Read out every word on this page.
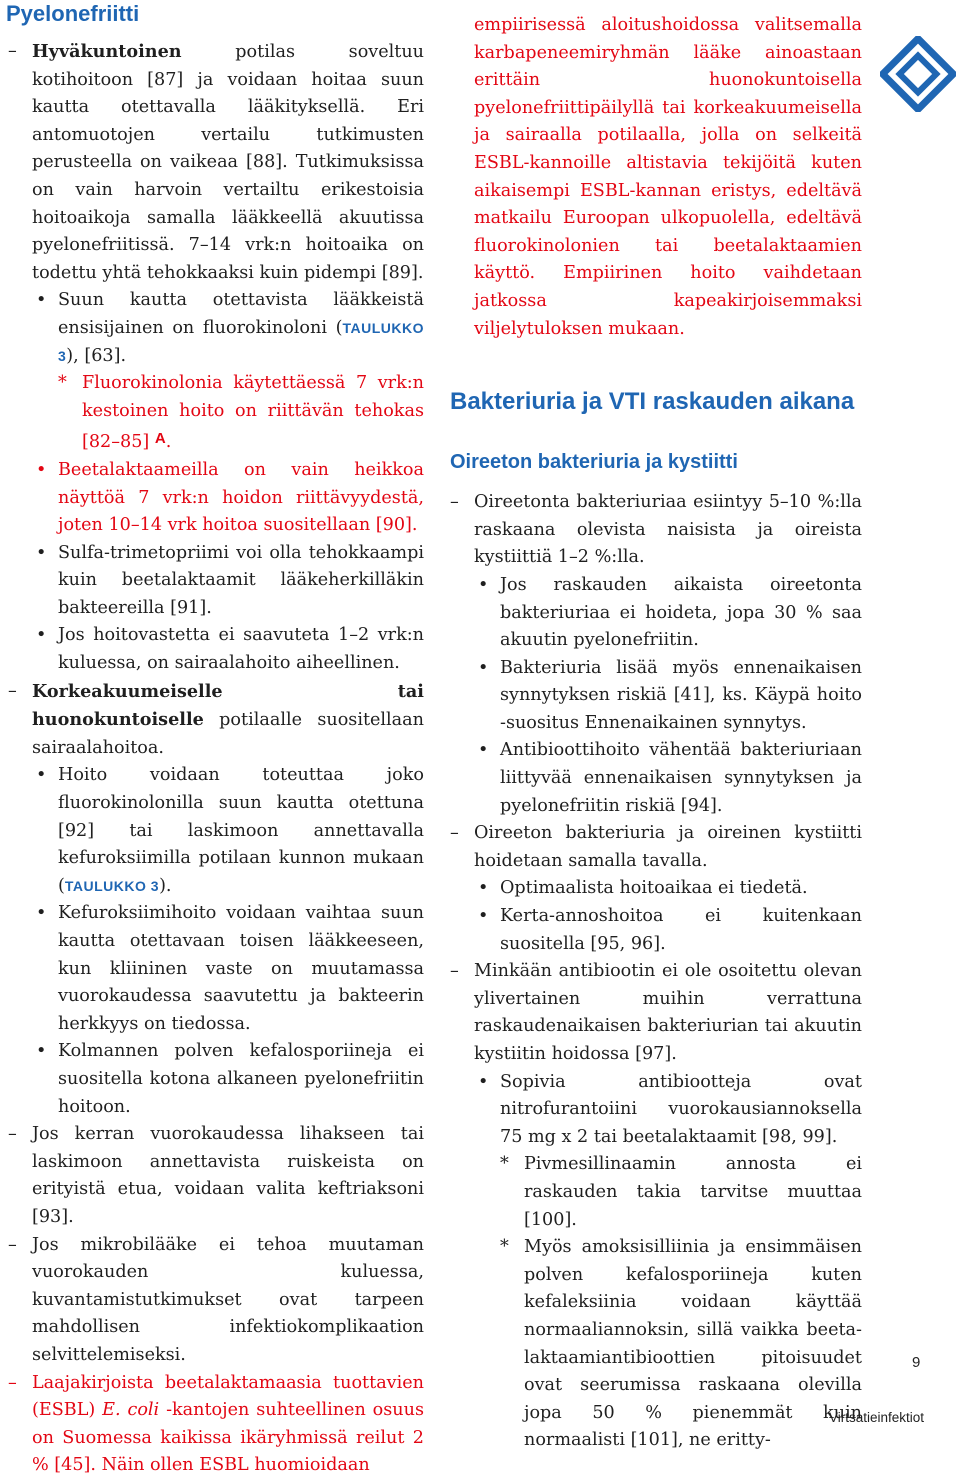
Pyelonefriitti

– Hyväkuntoinen potilas soveltuu kotihoitoon [87] ja voidaan hoitaa suun kautta otettavalla lääkityksellä. Eri antomuotojen vertailu tutkimusten perusteella on vaikeaa [88]. Tutkimuksissa on vain harvoin vertailtu erikestoisia hoitoaikoja samalla lääkkeellä akuutissa pyelonefriitissä. 7–14 vrk:n hoitoaika on todettu yhtä tehokkaaksi kuin pidempi [89].

• Suun kautta otettavista lääkkeistä ensisijainen on fluorokinoloni (TAULUKKO 3), [63].

* Fluorokinolonia käytettäessä 7 vrk:n kestoinen hoito on riittävän tehokas [82–85] A.

• Beetalaktaameilla on vain heikkoa näyttöä 7 vrk:n hoidon riittävyydestä, joten 10–14 vrk hoitoa suositellaan [90].

• Sulfa-trimetopriimi voi olla tehokkaampi kuin beetalaktaamit lääkeherkilläkin bakteereilla [91].

• Jos hoitovastetta ei saavuteta 1–2 vrk:n kuluessa, on sairaalahoito aiheellinen.

– Korkeakuumeiselle tai huonokuntoiselle potilaalle suositellaan sairaalahoitoa.

• Hoito voidaan toteuttaa joko fluorokinolonilla suun kautta otettuna [92] tai laskimoon annettavalla kefuroksiimilla potilaan kunnon mukaan (TAULUKKO 3).

• Kefuroksiimihoito voidaan vaihtaa suun kautta otettavaan toisen lääkkeeseen, kun kliininen vaste on muutamassa vuorokaudessa saavutettu ja bakteerin herkkyys on tiedossa.

• Kolmannen polven kefalosporiineja ei suositella kotona alkaneen pyelonefriitin hoitoon.

– Jos kerran vuorokaudessa lihakseen tai laskimoon annettavista ruiskeista on erityistä etua, voidaan valita keftriaksoni [93].

– Jos mikrobilääke ei tehoa muutaman vuorokauden kuluessa, kuvantamistutkimukset ovat tarpeen mahdollisen infektiokomplikaation selvittelemiseksi.

– Laajakirjoista beetalaktamaasia tuottavien (ESBL) E. coli -kantojen suhteellinen osuus on Suomessa kaikissa ikäryhmissä reilut 2 % [45]. Näin ollen ESBL huomioidaan

empiirisessä aloitushoidossa valitsemalla karbapeneemiryhmän lääke ainoastaan erittäin huonokuntoisella pyelonefriittipäilyllä tai korkeakuumeisella ja sairaalla potilaalla, jolla on selkeitä ESBL-kannoille altistavia tekijöitä kuten aikaisempi ESBL-kannan eristys, edeltävä matkailu Euroopan ulkopuolella, edeltävä fluorokinolonien tai beetalaktaamien käyttö. Empiirinen hoito vaihdetaan jatkossa kapeakirjoisemmaksi viljelytuloksen mukaan.

Bakteriuria ja VTI raskauden aikana
Oireeton bakteriuria ja kystiitti

– Oireetonta bakteriuriaa esiintyy 5–10 %:lla raskaana olevista naisista ja oireista kystiittiä 1–2 %:lla.

• Jos raskauden aikaista oireetonta bakteriuriaa ei hoideta, jopa 30 % saa akuutin pyelonefriitin.

• Bakteriuria lisää myös ennenaikaisen synnytyksen riskiä [41], ks. Käypä hoito -suositus Ennenaikainen synnytys.

• Antibioottihoito vähentää bakteriuriaan liittyvää ennenaikaisen synnytyksen ja pyelonefriitin riskiä [94].

– Oireeton bakteriuria ja oireinen kystiitti hoidetaan samalla tavalla.

• Optimaalista hoitoaikaa ei tiedetä.

• Kerta-annoshoitoa ei kuitenkaan suositella [95, 96].

– Minkään antibiootin ei ole osoitettu olevan ylivertainen muihin verrattuna raskaudenaikaisen bakteriurian tai akuutin kystiitin hoidossa [97].

• Sopivia antibiootteja ovat nitrofurantoiini vuorokausiannoksella 75 mg x 2 tai beetalaktaamit [98, 99].

* Pivmesillinaamin annosta ei raskauden takia tarvitse muuttaa [100].

* Myös amoksisilliinia ja ensimmäisen polven kefalosporiineja kuten kefaleksiinia voidaan käyttää normaaliannoksin, sillä vaikka beeta-laktaamiantibioottien pitoisuudet ovat seerumissa raskaana olevilla jopa 50 % pienemmät kuin normaalisti [101], ne eritty-

9
Virtsatieinfektiot
